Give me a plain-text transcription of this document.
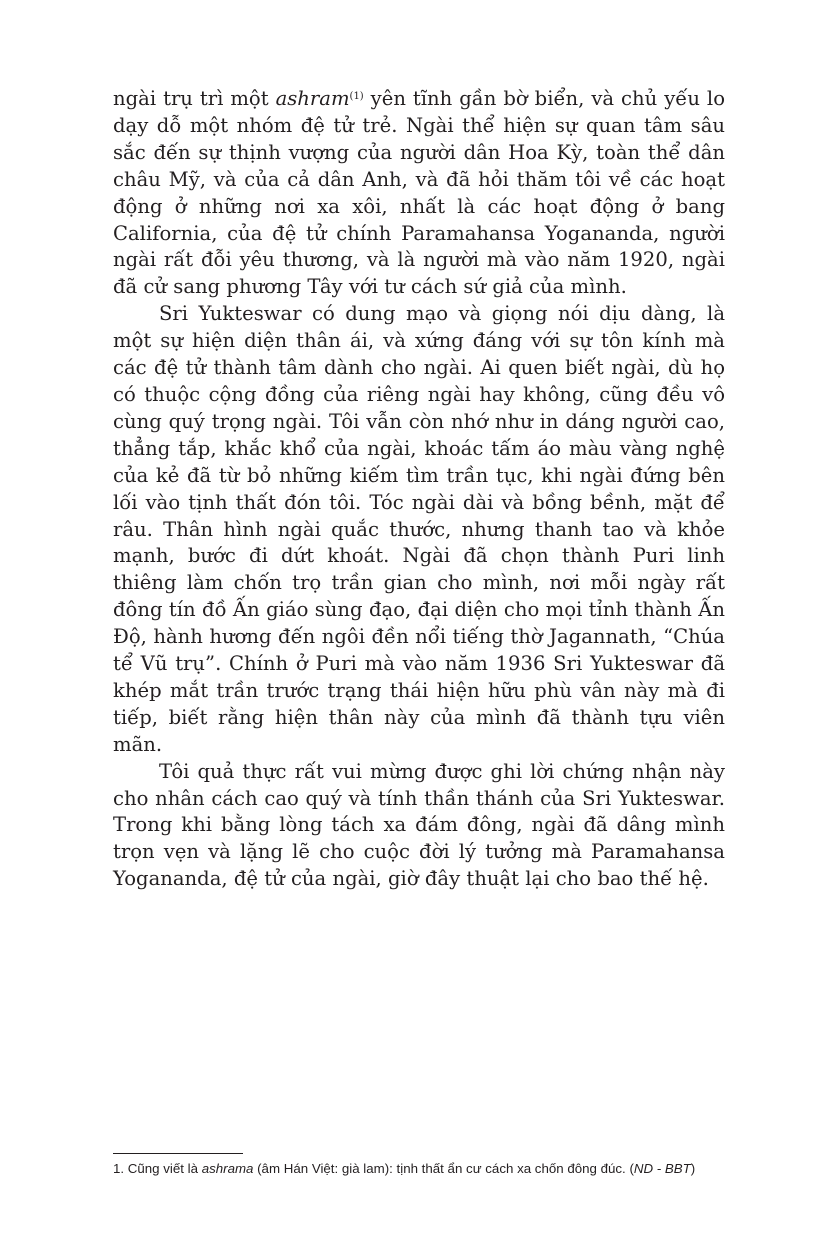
ngài trụ trì một ashram$^{(1)}$ yên tĩnh gần bờ biển, và chủ yếu lo dạy dỗ một nhóm đệ tử trẻ. Ngài thể hiện sự quan tâm sâu sắc đến sự thịnh vượng của người dân Hoa Kỳ, toàn thể dân châu Mỹ, và của cả dân Anh, và đã hỏi thăm tôi về các hoạt động ở những nơi xa xôi, nhất là các hoạt động ở bang California, của đệ tử chính Paramahansa Yogananda, người ngài rất đỗi yêu thương, và là người mà vào năm 1920, ngài đã cử sang phương Tây với tư cách sứ giả của mình.

Sri Yukteswar có dung mạo và giọng nói dịu dàng, là một sự hiện diện thân ái, và xứng đáng với sự tôn kính mà các đệ tử thành tâm dành cho ngài. Ai quen biết ngài, dù họ có thuộc cộng đồng của riêng ngài hay không, cũng đều vô cùng quý trọng ngài. Tôi vẫn còn nhớ như in dáng người cao, thẳng tắp, khắc khổ của ngài, khoác tấm áo màu vàng nghệ của kẻ đã từ bỏ những kiếm tìm trần tục, khi ngài đứng bên lối vào tịnh thất đón tôi. Tóc ngài dài và bồng bềnh, mặt để râu. Thân hình ngài quắc thước, nhưng thanh tao và khỏe mạnh, bước đi dứt khoát. Ngài đã chọn thành Puri linh thiêng làm chốn trọ trần gian cho mình, nơi mỗi ngày rất đông tín đồ Ấn giáo sùng đạo, đại diện cho mọi tỉnh thành Ấn Độ, hành hương đến ngôi đền nổi tiếng thờ Jagannath, “Chúa tể Vũ trụ”. Chính ở Puri mà vào năm 1936 Sri Yukteswar đã khép mắt trần trước trạng thái hiện hữu phù vân này mà đi tiếp, biết rằng hiện thân này của mình đã thành tựu viên mãn.

Tôi quả thực rất vui mừng được ghi lời chứng nhận này cho nhân cách cao quý và tính thần thánh của Sri Yukteswar. Trong khi bằng lòng tách xa đám đông, ngài đã dâng mình trọn vẹn và lặng lẽ cho cuộc đời lý tưởng mà Paramahansa Yogananda, đệ tử của ngài, giờ đây thuật lại cho bao thế hệ.

1. Cũng viết là ashrama (âm Hán Việt: già lam): tịnh thất ẩn cư cách xa chốn đông đúc. (ND - BBT)
